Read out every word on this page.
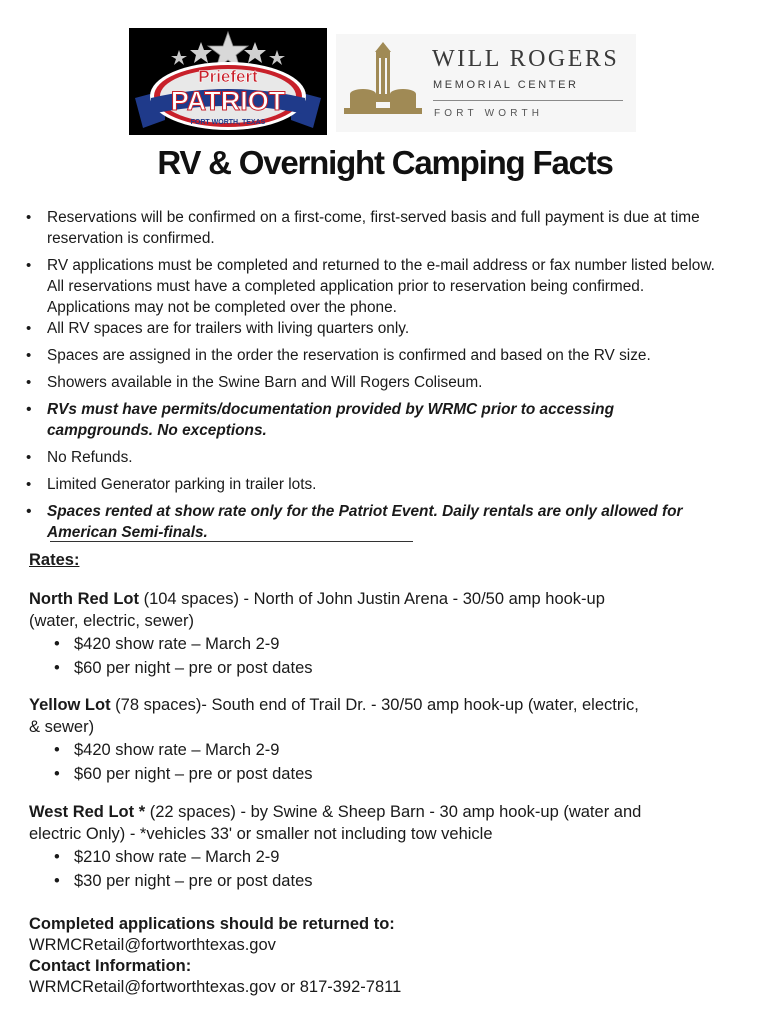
Priefert
PATRIOT
FORT WORTH, TEXAS
WILL ROGERS
MEMORIAL CENTER
FORT WORTH
RV & Overnight Camping Facts
• Reservations will be confirmed on a first-come, first-served basis and full payment is due at time reservation is confirmed.
• RV applications must be completed and returned to the e-mail address or fax number listed below. All reservations must have a completed application prior to reservation being confirmed. Applications may not be completed over the phone.
• All RV spaces are for trailers with living quarters only.
• Spaces are assigned in the order the reservation is confirmed and based on the RV size.
• Showers available in the Swine Barn and Will Rogers Coliseum.
• RVs must have permits/documentation provided by WRMC prior to accessing campgrounds. No exceptions.
• No Refunds.
• Limited Generator parking in trailer lots.
• Spaces rented at show rate only for the Patriot Event. Daily rentals are only allowed for American Semi-finals.
Rates:
North Red Lot (104 spaces) - North of John Justin Arena - 30/50 amp hook-up (water, electric, sewer)
• $420 show rate – March 2-9
• $60 per night – pre or post dates
Yellow Lot (78 spaces)- South end of Trail Dr. - 30/50 amp hook-up (water, electric, & sewer)
• $420 show rate – March 2-9
• $60 per night – pre or post dates
West Red Lot * (22 spaces) - by Swine & Sheep Barn - 30 amp hook-up (water and electric Only) - *vehicles 33' or smaller not including tow vehicle
• $210 show rate – March 2-9
• $30 per night – pre or post dates
Completed applications should be returned to:
WRMCRetail@fortworthtexas.gov
Contact Information:
WRMCRetail@fortworthtexas.gov or 817-392-7811
